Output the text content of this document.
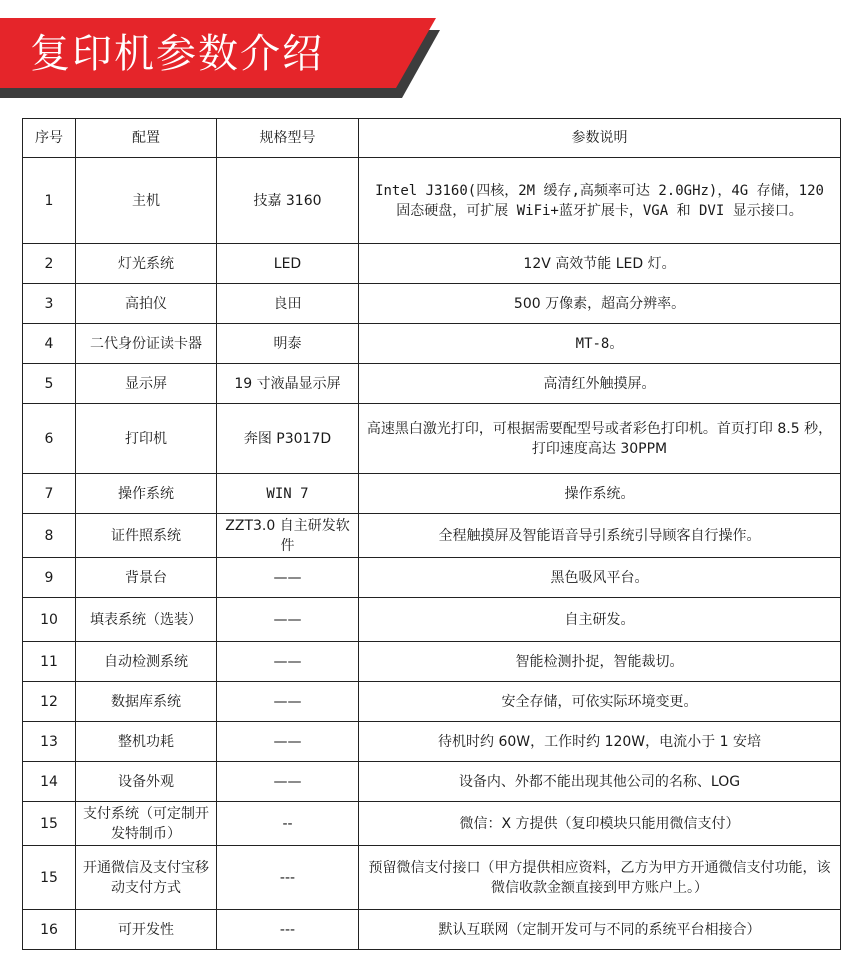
复印机参数介绍
序号	配置	规格型号	参数说明
1	主机	技嘉 3160	Intel J3160(四核，2M 缓存,高频率可达 2.0GHz)，4G 存储，120 固态硬盘，可扩展 WiFi+蓝牙扩展卡，VGA 和 DVI 显示接口。
2	灯光系统	LED	12V 高效节能 LED 灯。
3	高拍仪	良田	500 万像素，超高分辨率。
4	二代身份证读卡器	明泰	MT-8。
5	显示屏	19 寸液晶显示屏	高清红外触摸屏。
6	打印机	奔图 P3017D	高速黑白激光打印，可根据需要配型号或者彩色打印机。首页打印 8.5 秒，打印速度高达 30PPM
7	操作系统	WIN 7	操作系统。
8	证件照系统	ZZT3.0 自主研发软件	全程触摸屏及智能语音导引系统引导顾客自行操作。
9	背景台	——	黑色吸风平台。
10	填表系统（选装）	——	自主研发。
11	自动检测系统	——	智能检测扑捉，智能裁切。
12	数据库系统	——	安全存储，可依实际环境变更。
13	整机功耗	——	待机时约 60W，工作时约 120W，电流小于 1 安培
14	设备外观	——	设备内、外都不能出现其他公司的名称、LOG
15	支付系统（可定制开发特制币）	--	微信：X 方提供（复印模块只能用微信支付）
15	开通微信及支付宝移动支付方式	---	预留微信支付接口（甲方提供相应资料，乙方为甲方开通微信支付功能，该微信收款金额直接到甲方账户上。）
16	可开发性	---	默认互联网（定制开发可与不同的系统平台相接合）
